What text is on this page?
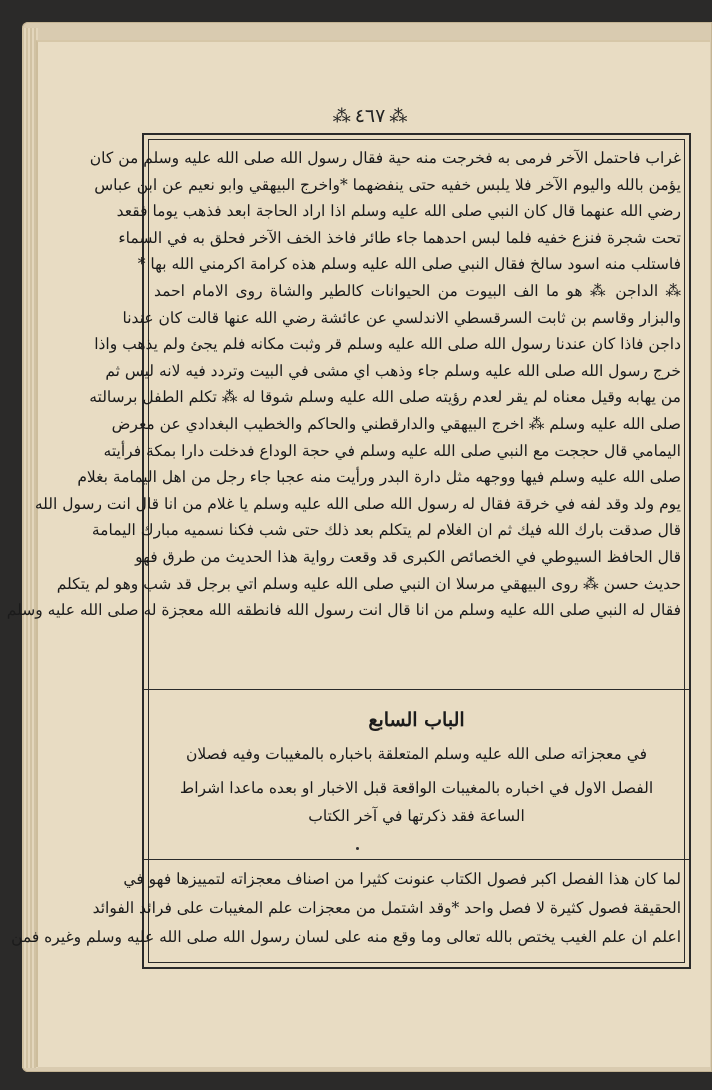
⁂ ٤٦٧ ⁂
غراب فاحتمل الآخر فرمى به فخرجت منه حية فقال رسول الله صلى الله عليه وسلم من كان
يؤمن بالله واليوم الآخر فلا يلبس خفيه حتى ينفضهما *واخرج البيهقي وابو نعيم عن ابن عباس
رضي الله عنهما قال كان النبي صلى الله عليه وسلم اذا اراد الحاجة ابعد فذهب يوما فقعد
تحت شجرة فنزع خفيه فلما لبس احدهما جاء طائر فاخذ الخف الآخر فحلق به في السماء
فاستلب منه اسود سالخ فقال النبي صلى الله عليه وسلم هذه كرامة اكرمني الله بها *
⁂ الداجن ⁂ هو ما الف البيوت من الحيوانات كالطير والشاة روى الامام احمد
والبزار وقاسم بن ثابت السرقسطي الاندلسي عن عائشة رضي الله عنها قالت كان عندنا
داجن فاذا كان عندنا رسول الله صلى الله عليه وسلم قر وثبت مكانه فلم يجئ ولم يذهب واذا
خرج رسول الله صلى الله عليه وسلم جاء وذهب اي مشى في البيت وتردد فيه لانه ليس ثم
من يهابه وقيل معناه لم يقر لعدم رؤيته صلى الله عليه وسلم شوقا له ⁂ تكلم الطفل برسالته
صلى الله عليه وسلم ⁂ اخرج البيهقي والدارقطني والحاكم والخطيب البغدادي عن معرض
اليمامي قال حججت مع النبي صلى الله عليه وسلم في حجة الوداع فدخلت دارا بمكة فرأيته
صلى الله عليه وسلم فيها ووجهه مثل دارة البدر ورأيت منه عجبا جاء رجل من اهل اليمامة بغلام
يوم ولد وقد لفه في خرقة فقال له رسول الله صلى الله عليه وسلم يا غلام من انا قال انت رسول الله
قال صدقت بارك الله فيك ثم ان الغلام لم يتكلم بعد ذلك حتى شب فكنا نسميه مبارك اليمامة
قال الحافظ السيوطي في الخصائص الكبرى قد وقعت رواية هذا الحديث من طرق فهو
حديث حسن ⁂ روى البيهقي مرسلا ان النبي صلى الله عليه وسلم اتي برجل قد شب وهو لم يتكلم
فقال له النبي صلى الله عليه وسلم من انا قال انت رسول الله فانطقه الله معجزة له صلى الله عليه وسلم
الباب السابع
في معجزاته صلى الله عليه وسلم المتعلقة باخباره بالمغيبات وفيه فصلان
الفصل الاول في اخباره بالمغيبات الواقعة قبل الاخبار او بعده ماعدا اشراط
الساعة فقد ذكرتها في آخر الكتاب
لما كان هذا الفصل اكبر فصول الكتاب عنونت كثيرا من اصناف معجزاته لتمييزها فهو في
الحقيقة فصول كثيرة لا فصل واحد *وقد اشتمل من معجزات علم المغيبات على فرائد الفوائد
اعلم ان علم الغيب يختص بالله تعالى وما وقع منه على لسان رسول الله صلى الله عليه وسلم وغيره فمن
